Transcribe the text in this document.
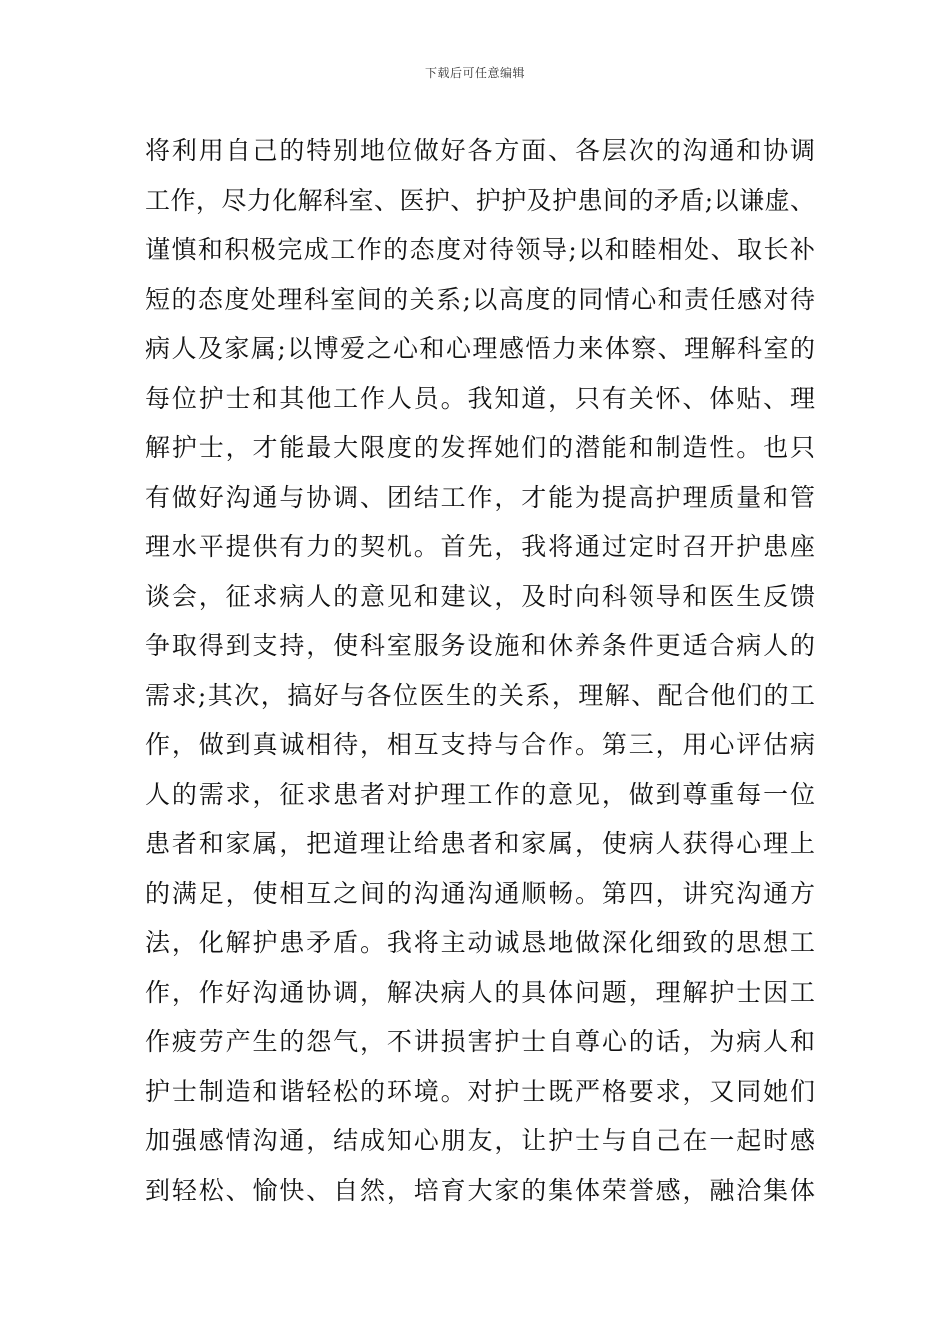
下载后可任意编辑
将利用自己的特别地位做好各方面、各层次的沟通和协调
工作，尽力化解科室、医护、护护及护患间的矛盾;以谦虚、
谨慎和积极完成工作的态度对待领导;以和睦相处、取长补
短的态度处理科室间的关系;以高度的同情心和责任感对待
病人及家属;以博爱之心和心理感悟力来体察、理解科室的
每位护士和其他工作人员。我知道，只有关怀、体贴、理
解护士，才能最大限度的发挥她们的潜能和制造性。也只
有做好沟通与协调、团结工作，才能为提高护理质量和管
理水平提供有力的契机。首先，我将通过定时召开护患座
谈会，征求病人的意见和建议，及时向科领导和医生反馈
争取得到支持，使科室服务设施和休养条件更适合病人的
需求;其次，搞好与各位医生的关系，理解、配合他们的工
作，做到真诚相待，相互支持与合作。第三，用心评估病
人的需求，征求患者对护理工作的意见，做到尊重每一位
患者和家属，把道理让给患者和家属，使病人获得心理上
的满足，使相互之间的沟通沟通顺畅。第四，讲究沟通方
法，化解护患矛盾。我将主动诚恳地做深化细致的思想工
作，作好沟通协调，解决病人的具体问题，理解护士因工
作疲劳产生的怨气，不讲损害护士自尊心的话，为病人和
护士制造和谐轻松的环境。对护士既严格要求，又同她们
加强感情沟通，结成知心朋友，让护士与自己在一起时感
到轻松、愉快、自然，培育大家的集体荣誉感，融洽集体
